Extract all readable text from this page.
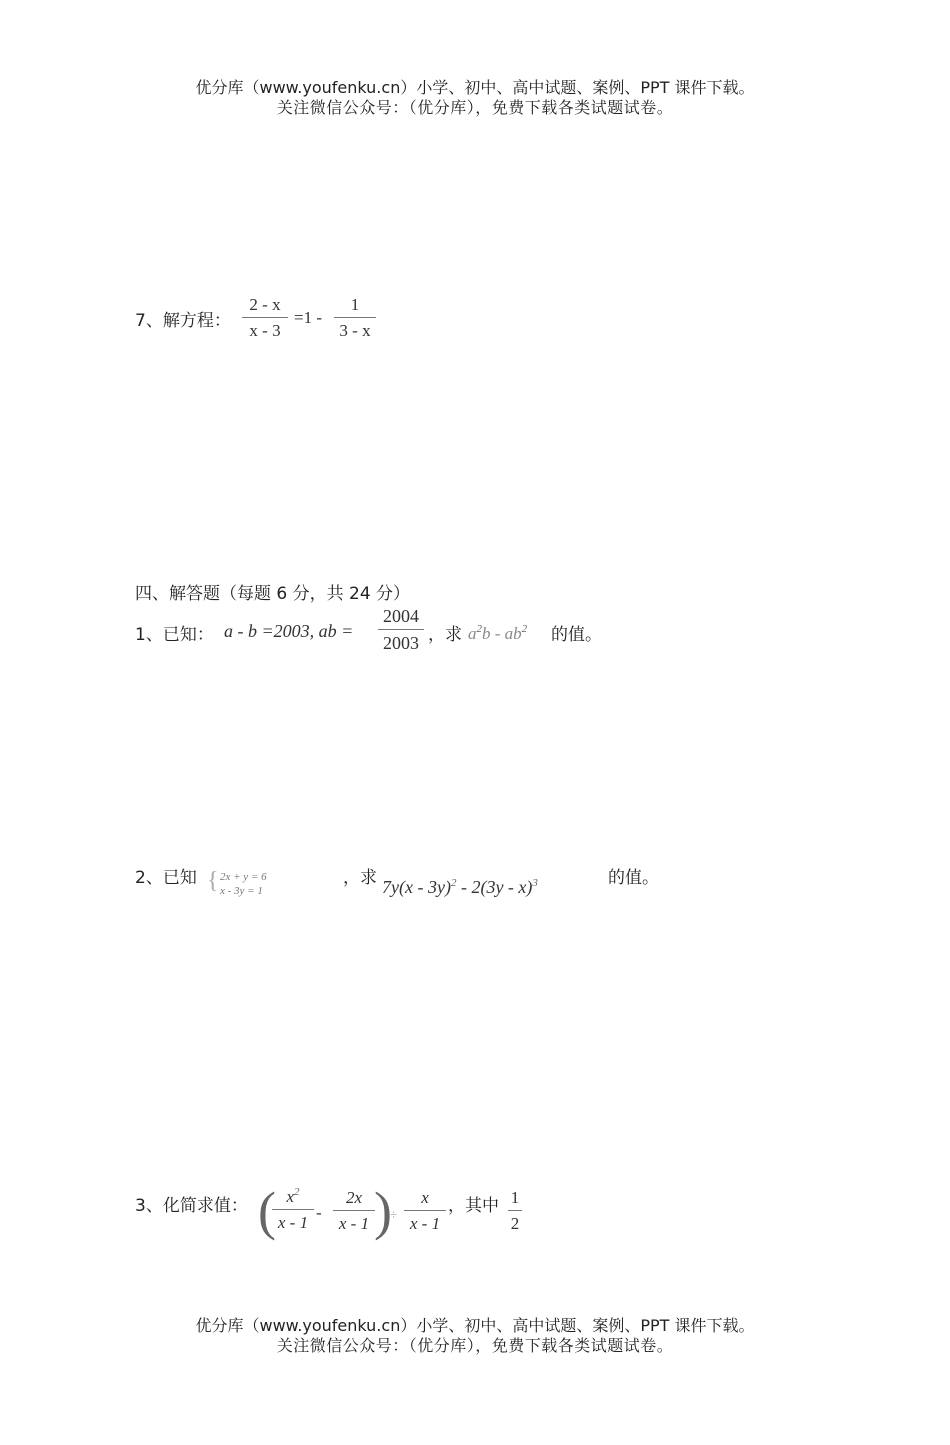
优分库（www.youfenku.cn）小学、初中、高中试题、案例、PPT 课件下载。
关注微信公众号：（优分库），免费下载各类试题试卷。
7、解方程：
2 - x
x - 3
=1 -
1
3 - x
四、解答题（每题 6 分，共 24 分）
1、已知： a - b =2003, ab =
2004
2003 ，求 $a^2b - ab^2$ 的值。
2、已知 { 2x + y = 6
x - 3y = 1
，求 7y(x - 3y)$^2$ - 2(3y - x)$^3$	的值。
3、化简求值： ( $x^2$
x - 1
-
2x
x - 1 )
÷
x
x - 1
，其中 1
2
优分库（www.youfenku.cn）小学、初中、高中试题、案例、PPT 课件下载。
关注微信公众号：（优分库），免费下载各类试题试卷。
